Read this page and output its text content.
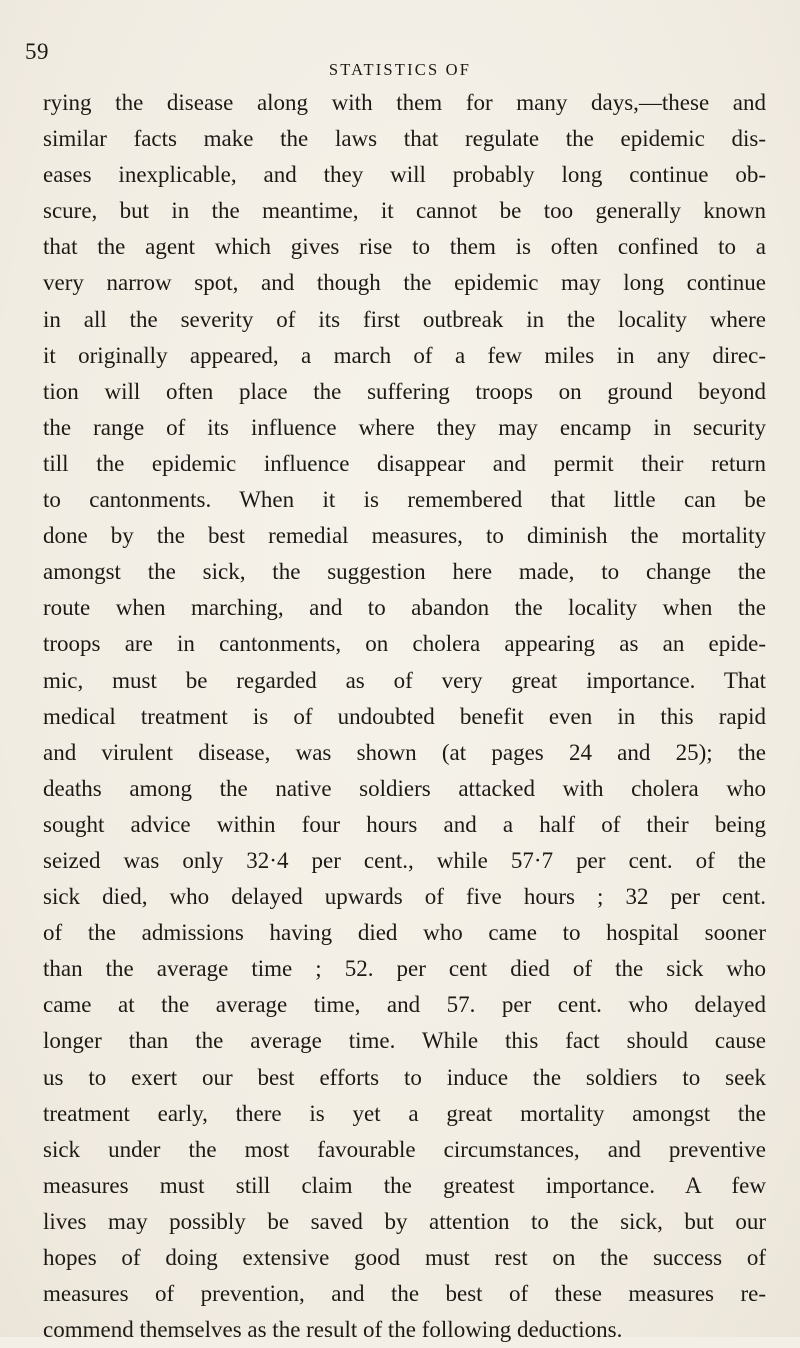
59
STATISTICS OF
rying the disease along with them for many days,—these and
similar facts make the laws that regulate the epidemic dis-
eases inexplicable, and they will probably long continue ob-
scure, but in the meantime, it cannot be too generally known
that the agent which gives rise to them is often confined to a
very narrow spot, and though the epidemic may long continue
in all the severity of its first outbreak in the locality where
it originally appeared, a march of a few miles in any direc-
tion will often place the suffering troops on ground beyond
the range of its influence where they may encamp in security
till the epidemic influence disappear and permit their return
to cantonments. When it is remembered that little can be
done by the best remedial measures, to diminish the mortality
amongst the sick, the suggestion here made, to change the
route when marching, and to abandon the locality when the
troops are in cantonments, on cholera appearing as an epide-
mic, must be regarded as of very great importance. That
medical treatment is of undoubted benefit even in this rapid
and virulent disease, was shown (at pages 24 and 25); the
deaths among the native soldiers attacked with cholera who
sought advice within four hours and a half of their being
seized was only 32·4 per cent., while 57·7 per cent. of the
sick died, who delayed upwards of five hours ; 32 per cent.
of the admissions having died who came to hospital sooner
than the average time ; 52. per cent died of the sick who
came at the average time, and 57. per cent. who delayed
longer than the average time. While this fact should cause
us to exert our best efforts to induce the soldiers to seek
treatment early, there is yet a great mortality amongst the
sick under the most favourable circumstances, and preventive
measures must still claim the greatest importance. A few
lives may possibly be saved by attention to the sick, but our
hopes of doing extensive good must rest on the success of
measures of prevention, and the best of these measures re-
commend themselves as the result of the following deductions.
